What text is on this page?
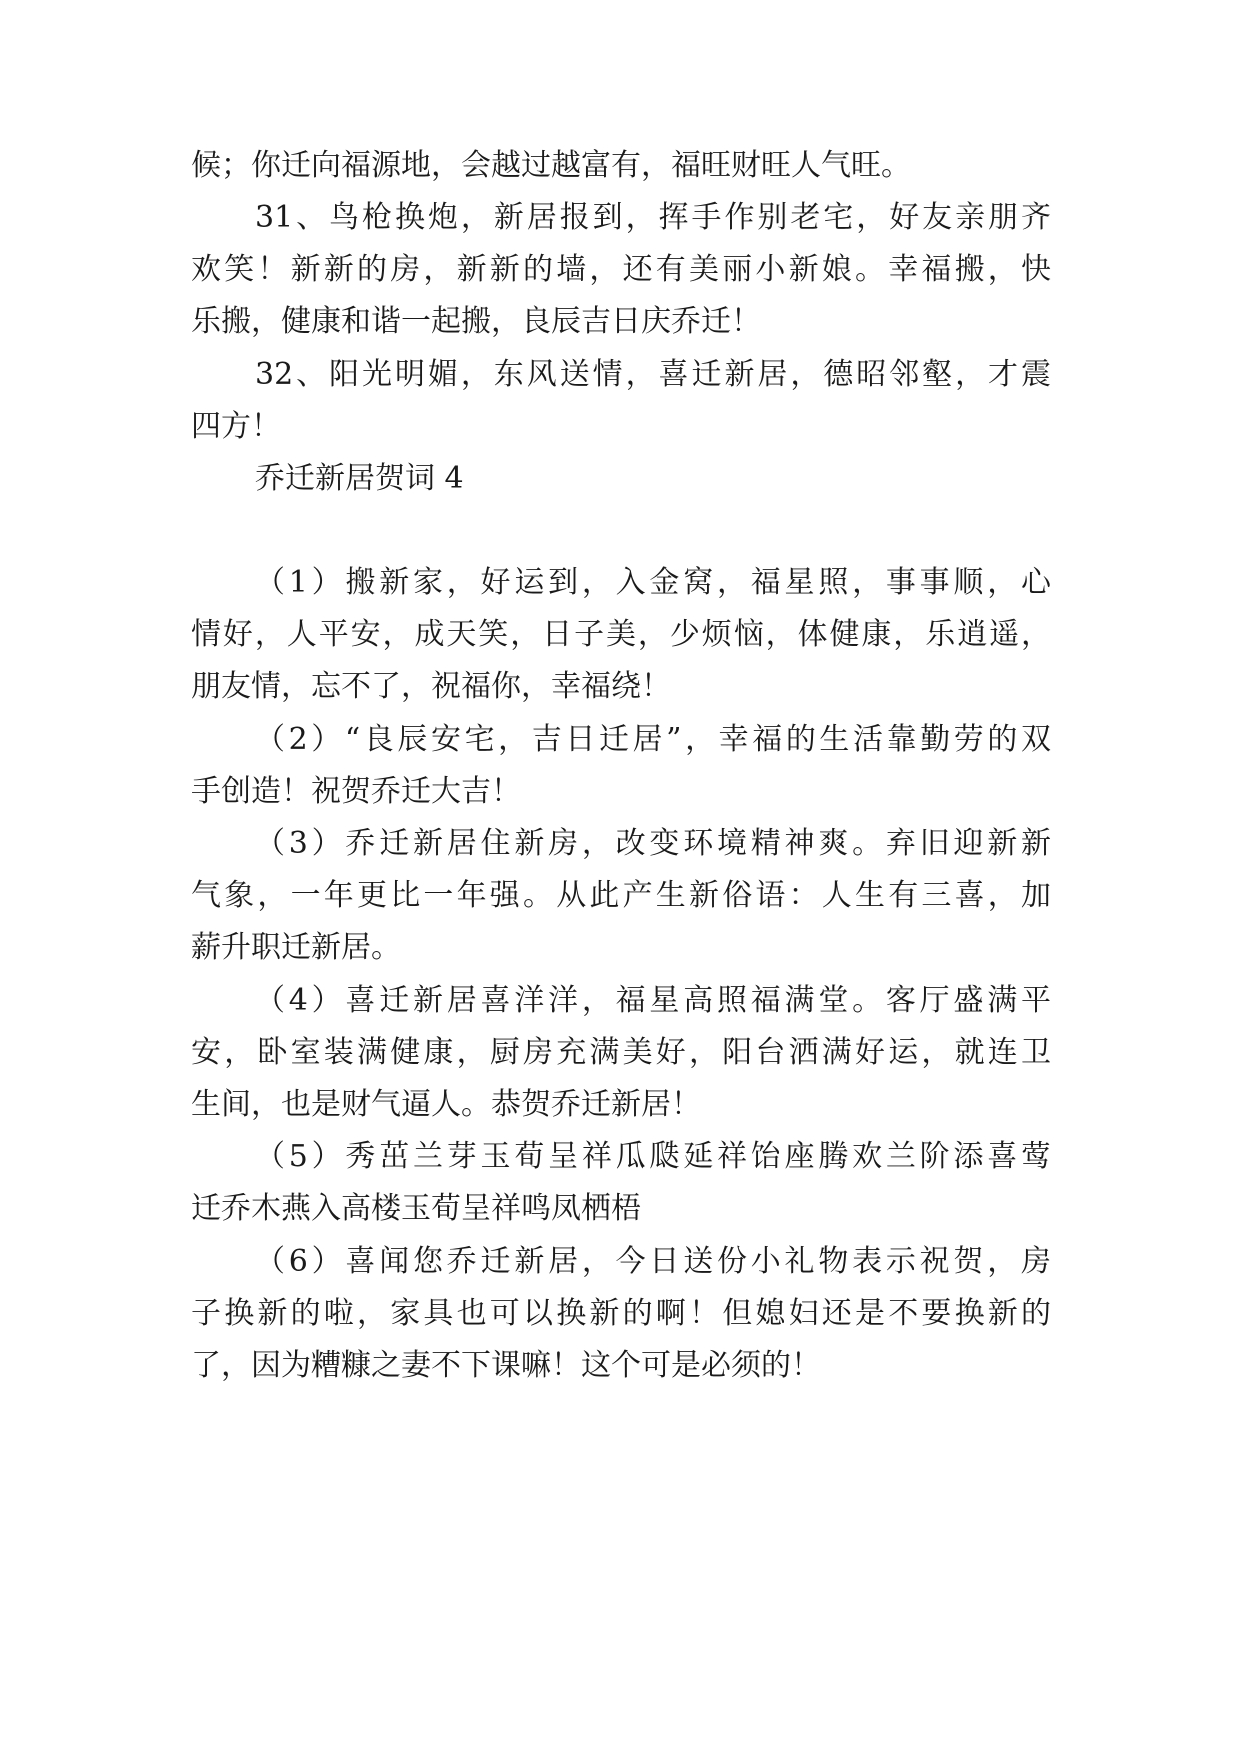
候；你迁向福源地，会越过越富有，福旺财旺人气旺。
31、鸟枪换炮，新居报到，挥手作别老宅，好友亲朋齐
欢笑！新新的房，新新的墙，还有美丽小新娘。幸福搬，快
乐搬，健康和谐一起搬，良辰吉日庆乔迁！
32、阳光明媚，东风送情，喜迁新居，德昭邻壑，才震
四方！
乔迁新居贺词 4
（1）搬新家，好运到，入金窝，福星照，事事顺，心
情好，人平安，成天笑，日子美，少烦恼，体健康，乐逍遥，
朋友情，忘不了，祝福你，幸福绕！
（2）“良辰安宅，吉日迁居”，幸福的生活靠勤劳的双
手创造！祝贺乔迁大吉！
（3）乔迁新居住新房，改变环境精神爽。弃旧迎新新
气象，一年更比一年强。从此产生新俗语：人生有三喜，加
薪升职迁新居。
（4）喜迁新居喜洋洋，福星高照福满堂。客厅盛满平
安，卧室装满健康，厨房充满美好，阳台洒满好运，就连卫
生间，也是财气逼人。恭贺乔迁新居！
（5）秀茁兰芽玉荀呈祥瓜瓞延祥饴座腾欢兰阶添喜莺
迁乔木燕入高楼玉荀呈祥鸣凤栖梧
（6）喜闻您乔迁新居，今日送份小礼物表示祝贺，房
子换新的啦，家具也可以换新的啊！但媳妇还是不要换新的
了，因为糟糠之妻不下课嘛！这个可是必须的！
